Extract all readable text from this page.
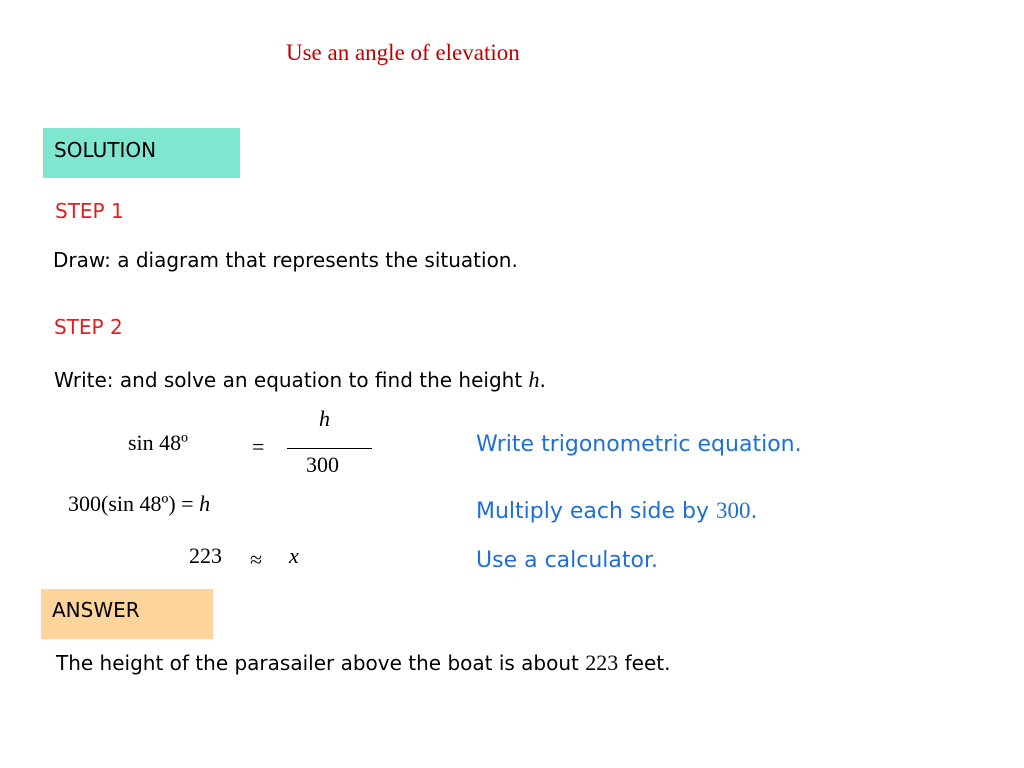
Use an angle of elevation
SOLUTION
STEP 1
Draw: a diagram that represents the situation.
STEP 2
Write: and solve an equation to find the height h.
sin 48º	=
h
300
300(sin 48º) = h
223 ≈ x
Write trigonometric equation.
Multiply each side by 300.
Use a calculator.
ANSWER
The height of the parasailer above the boat is about 223 feet.
